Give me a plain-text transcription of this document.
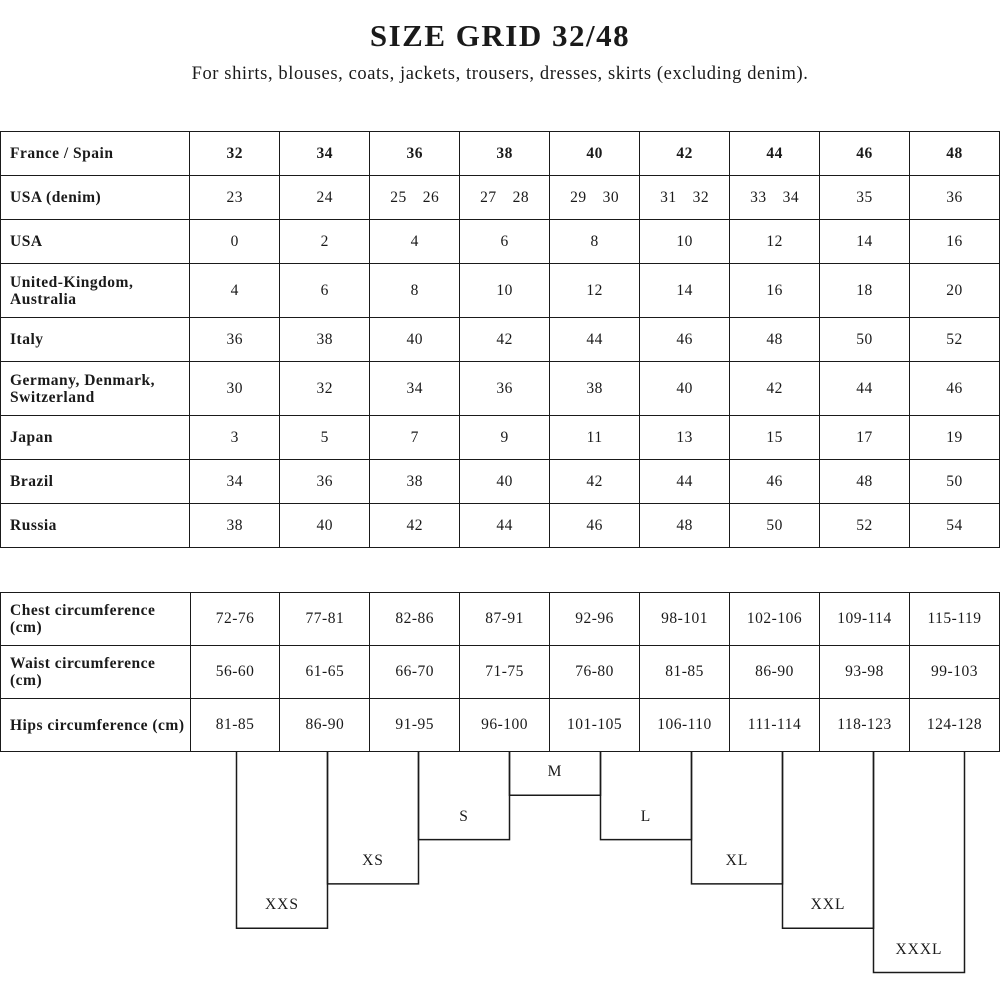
SIZE GRID 32/48
For shirts, blouses, coats, jackets, trousers, dresses, skirts (excluding denim).
France / Spain	32	34	36	38	40	42	44	46	48
USA (denim)	23	24	25 26	27 28	29 30	31 32	33 34	35	36
USA	0	2	4	6	8	10	12	14	16
United-Kingdom, Australia	4	6	8	10	12	14	16	18	20
Italy	36	38	40	42	44	46	48	50	52
Germany, Denmark, Switzerland	30	32	34	36	38	40	42	44	46
Japan	3	5	7	9	11	13	15	17	19
Brazil	34	36	38	40	42	44	46	48	50
Russia	38	40	42	44	46	48	50	52	54
Chest circumference (cm)	72-76	77-81	82-86	87-91	92-96	98-101	102-106	109-114	115-119
Waist circumference (cm)	56-60	61-65	66-70	71-75	76-80	81-85	86-90	93-98	99-103
Hips circumference (cm)	81-85	86-90	91-95	96-100	101-105	106-110	111-114	118-123	124-128
M
S	L
XS	XL
XXS	XXL
XXXL
